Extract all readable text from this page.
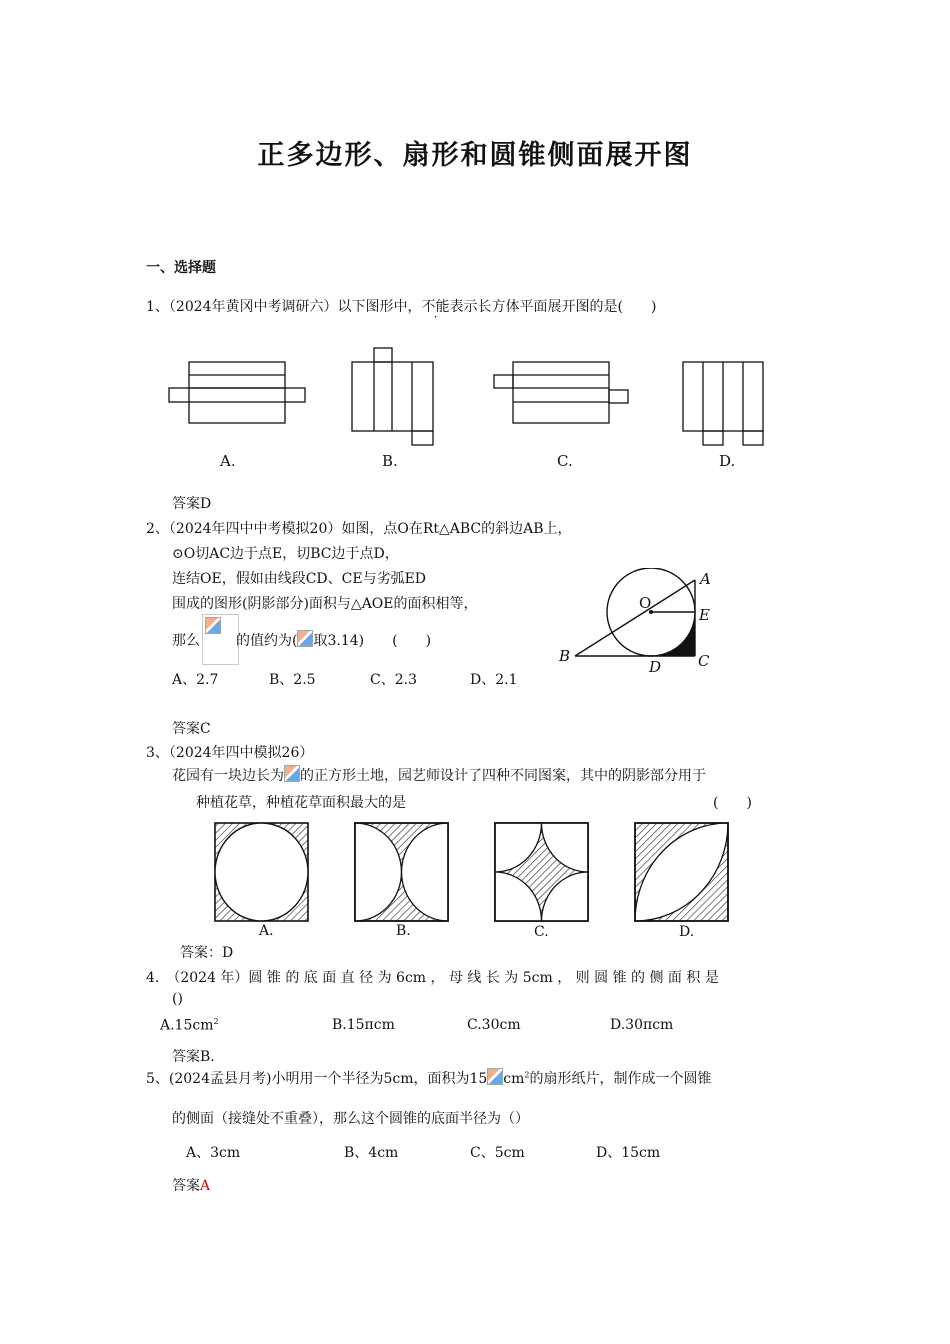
正多边形、扇形和圆锥侧面展开图
一、选择题
1、（2024年黄冈中考调研六）以下图形中，不能表示长方体平面展开图的是(　　)
A.	B.	C.	D.
答案D
2、（2024年四中中考模拟20）如图，点O在Rt△ABC的斜边AB上，
⊙O切AC边于点E，切BC边于点D，
连结OE，假如由线段CD、CE与劣弧ED
围成的图形(阴影部分)面积与△AOE的面积相等，
那么	的值约为( 取3.14)　　(　　)
A、2.7	B、2.5	C、2.3	D、2.1
O
A
E
B
D C
答案C
3、（2024年四中模拟26）
花园有一块边长为 的正方形土地，园艺师设计了四种不同图案，其中的阴影部分用于
种植花草，种植花草面积最大的是	(　　)
A.	B.	C.	D.
答案：D
4.　（2024 年）圆 锥 的 底 面 直 径 为 6cm ， 母 线 长 为 5cm ， 则 圆 锥 的 侧 面 积 是
()
$A.15cm^2$	B.15πcm	C.30cm	D.30πcm
答案B.
5、(2024孟县月考)小明用一个半径为5cm，面积为15 $cm^2$的扇形纸片，制作成一个圆锥
的侧面（接缝处不重叠），那么这个圆锥的底面半径为（）
A、3cm	B、4cm	C、5cm	D、15cm
答案A
